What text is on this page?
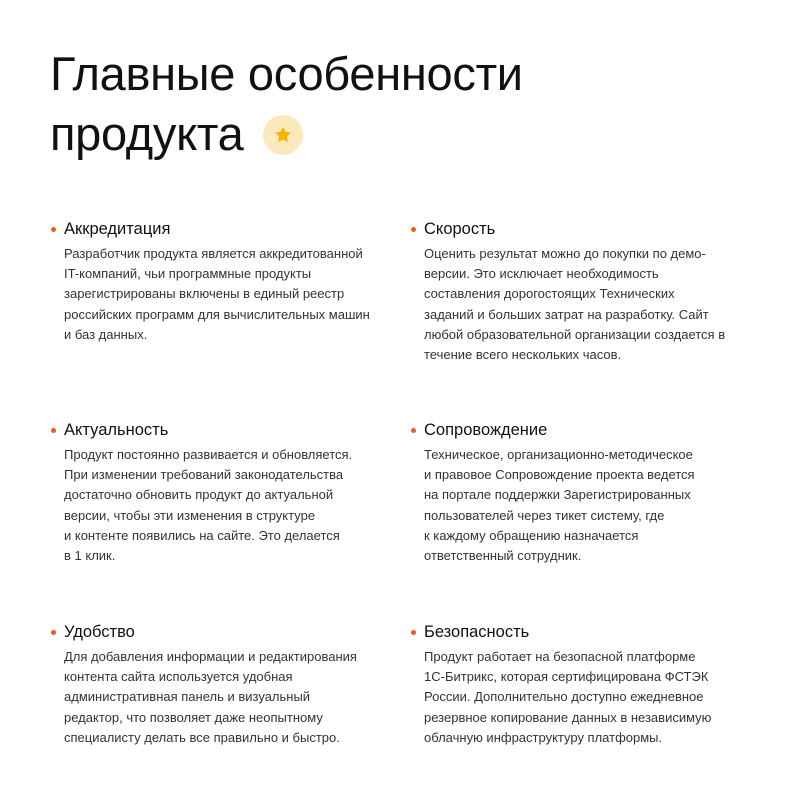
Главные особенности
продукта
Аккредитация
Разработчик продукта является аккредитованной
IT-компаний, чьи программные продукты
зарегистрированы включены в единый реестр
российских программ для вычислительных машин
и баз данных.
Скорость
Оценить результат можно до покупки по демо-
версии. Это исключает необходимость
составления дорогостоящих Технических
заданий и больших затрат на разработку. Сайт
любой образовательной организации создается в
течение всего нескольких часов.
Актуальность
Продукт постоянно развивается и обновляется.
При изменении требований законодательства
достаточно обновить продукт до актуальной
версии, чтобы эти изменения в структуре
и контенте появились на сайте. Это делается
в 1 клик.
Сопровождение
Техническое, организационно-методическое
и правовое Сопровождение проекта ведется
на портале поддержки Зарегистрированных
пользователей через тикет систему, где
к каждому обращению назначается
ответственный сотрудник.
Удобство
Для добавления информации и редактирования
контента сайта используется удобная
административная панель и визуальный
редактор, что позволяет даже неопытному
специалисту делать все правильно и быстро.
Безопасность
Продукт работает на безопасной платформе
1С-Битрикс, которая сертифицирована ФСТЭК
России. Дополнительно доступно ежедневное
резервное копирование данных в независимую
облачную инфраструктуру платформы.
